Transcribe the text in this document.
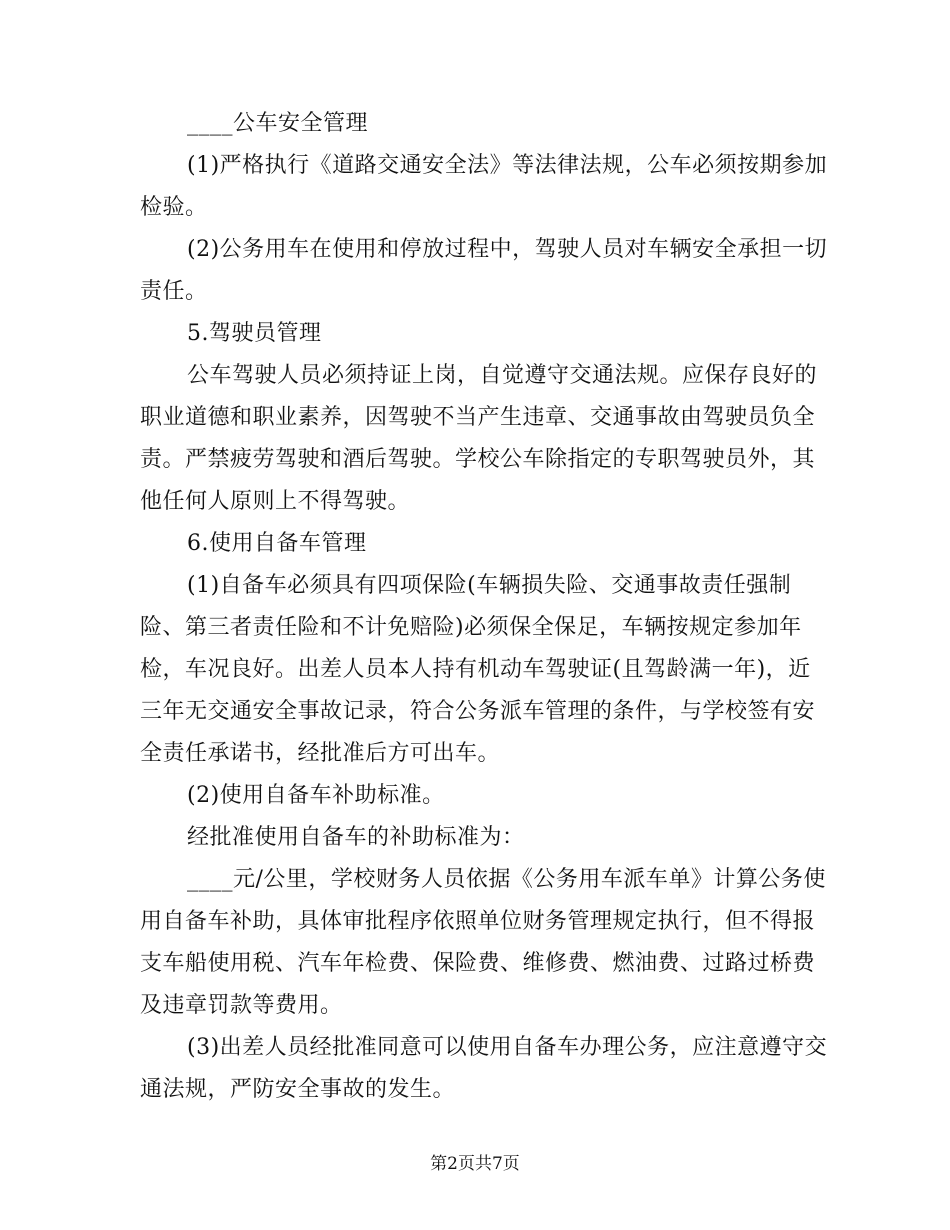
____公车安全管理
(1)严格执行《道路交通安全法》等法律法规，公车必须按期参加
检验。
(2)公务用车在使用和停放过程中，驾驶人员对车辆安全承担一切
责任。
5.驾驶员管理
公车驾驶人员必须持证上岗，自觉遵守交通法规。应保存良好的
职业道德和职业素养，因驾驶不当产生违章、交通事故由驾驶员负全
责。严禁疲劳驾驶和酒后驾驶。学校公车除指定的专职驾驶员外，其
他任何人原则上不得驾驶。
6.使用自备车管理
(1)自备车必须具有四项保险(车辆损失险、交通事故责任强制
险、第三者责任险和不计免赔险)必须保全保足，车辆按规定参加年
检，车况良好。出差人员本人持有机动车驾驶证(且驾龄满一年)，近
三年无交通安全事故记录，符合公务派车管理的条件，与学校签有安
全责任承诺书，经批准后方可出车。
(2)使用自备车补助标准。
经批准使用自备车的补助标准为：
____元/公里，学校财务人员依据《公务用车派车单》计算公务使
用自备车补助，具体审批程序依照单位财务管理规定执行，但不得报
支车船使用税、汽车年检费、保险费、维修费、燃油费、过路过桥费
及违章罚款等费用。
(3)出差人员经批准同意可以使用自备车办理公务，应注意遵守交
通法规，严防安全事故的发生。
第2页共7页
